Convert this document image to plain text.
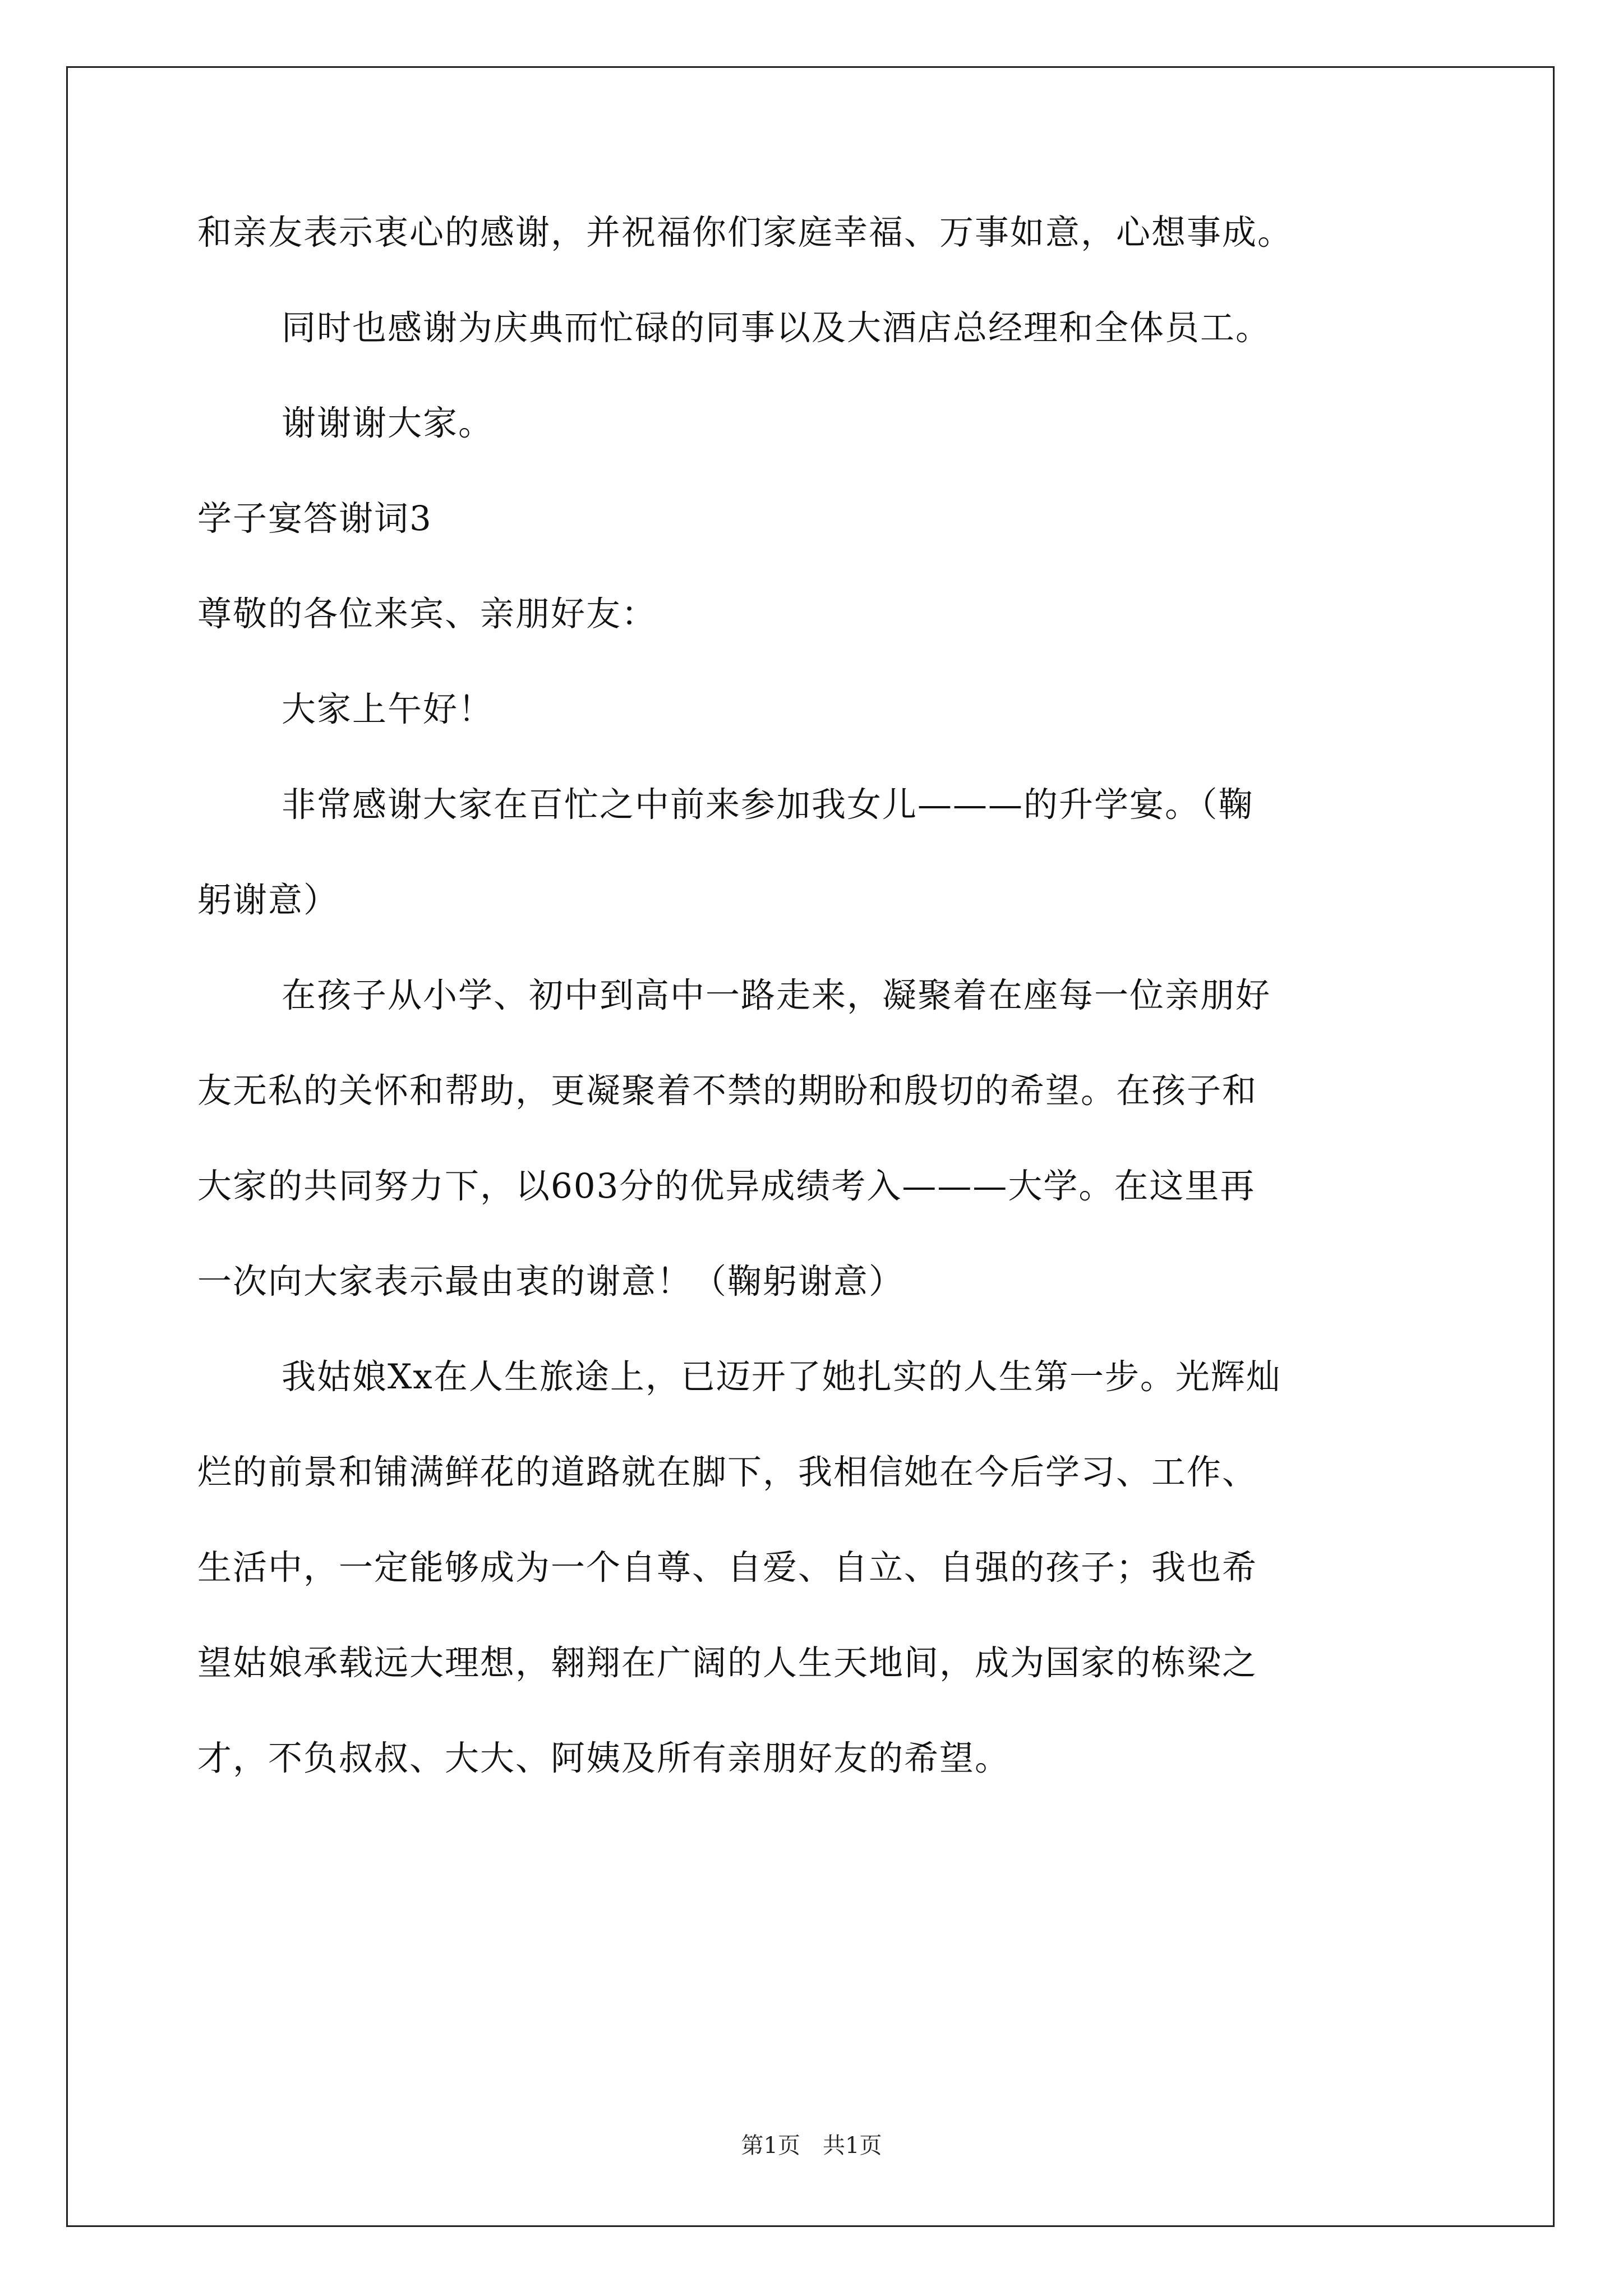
和亲友表示衷心的感谢，并祝福你们家庭幸福、万事如意，心想事成。
同时也感谢为庆典而忙碌的同事以及大酒店总经理和全体员工。
谢谢谢大家。
学子宴答谢词3
尊敬的各位来宾、亲朋好友：
大家上午好！
非常感谢大家在百忙之中前来参加我女儿———的升学宴。（鞠
躬谢意）
在孩子从小学、初中到高中一路走来，凝聚着在座每一位亲朋好
友无私的关怀和帮助，更凝聚着不禁的期盼和殷切的希望。在孩子和
大家的共同努力下，以603分的优异成绩考入———大学。在这里再
一次向大家表示最由衷的谢意！（鞠躬谢意）
我姑娘Xx在人生旅途上，已迈开了她扎实的人生第一步。光辉灿
烂的前景和铺满鲜花的道路就在脚下，我相信她在今后学习、工作、
生活中，一定能够成为一个自尊、自爱、自立、自强的孩子；我也希
望姑娘承载远大理想，翱翔在广阔的人生天地间，成为国家的栋梁之
才，不负叔叔、大大、阿姨及所有亲朋好友的希望。
第1页　共1页
